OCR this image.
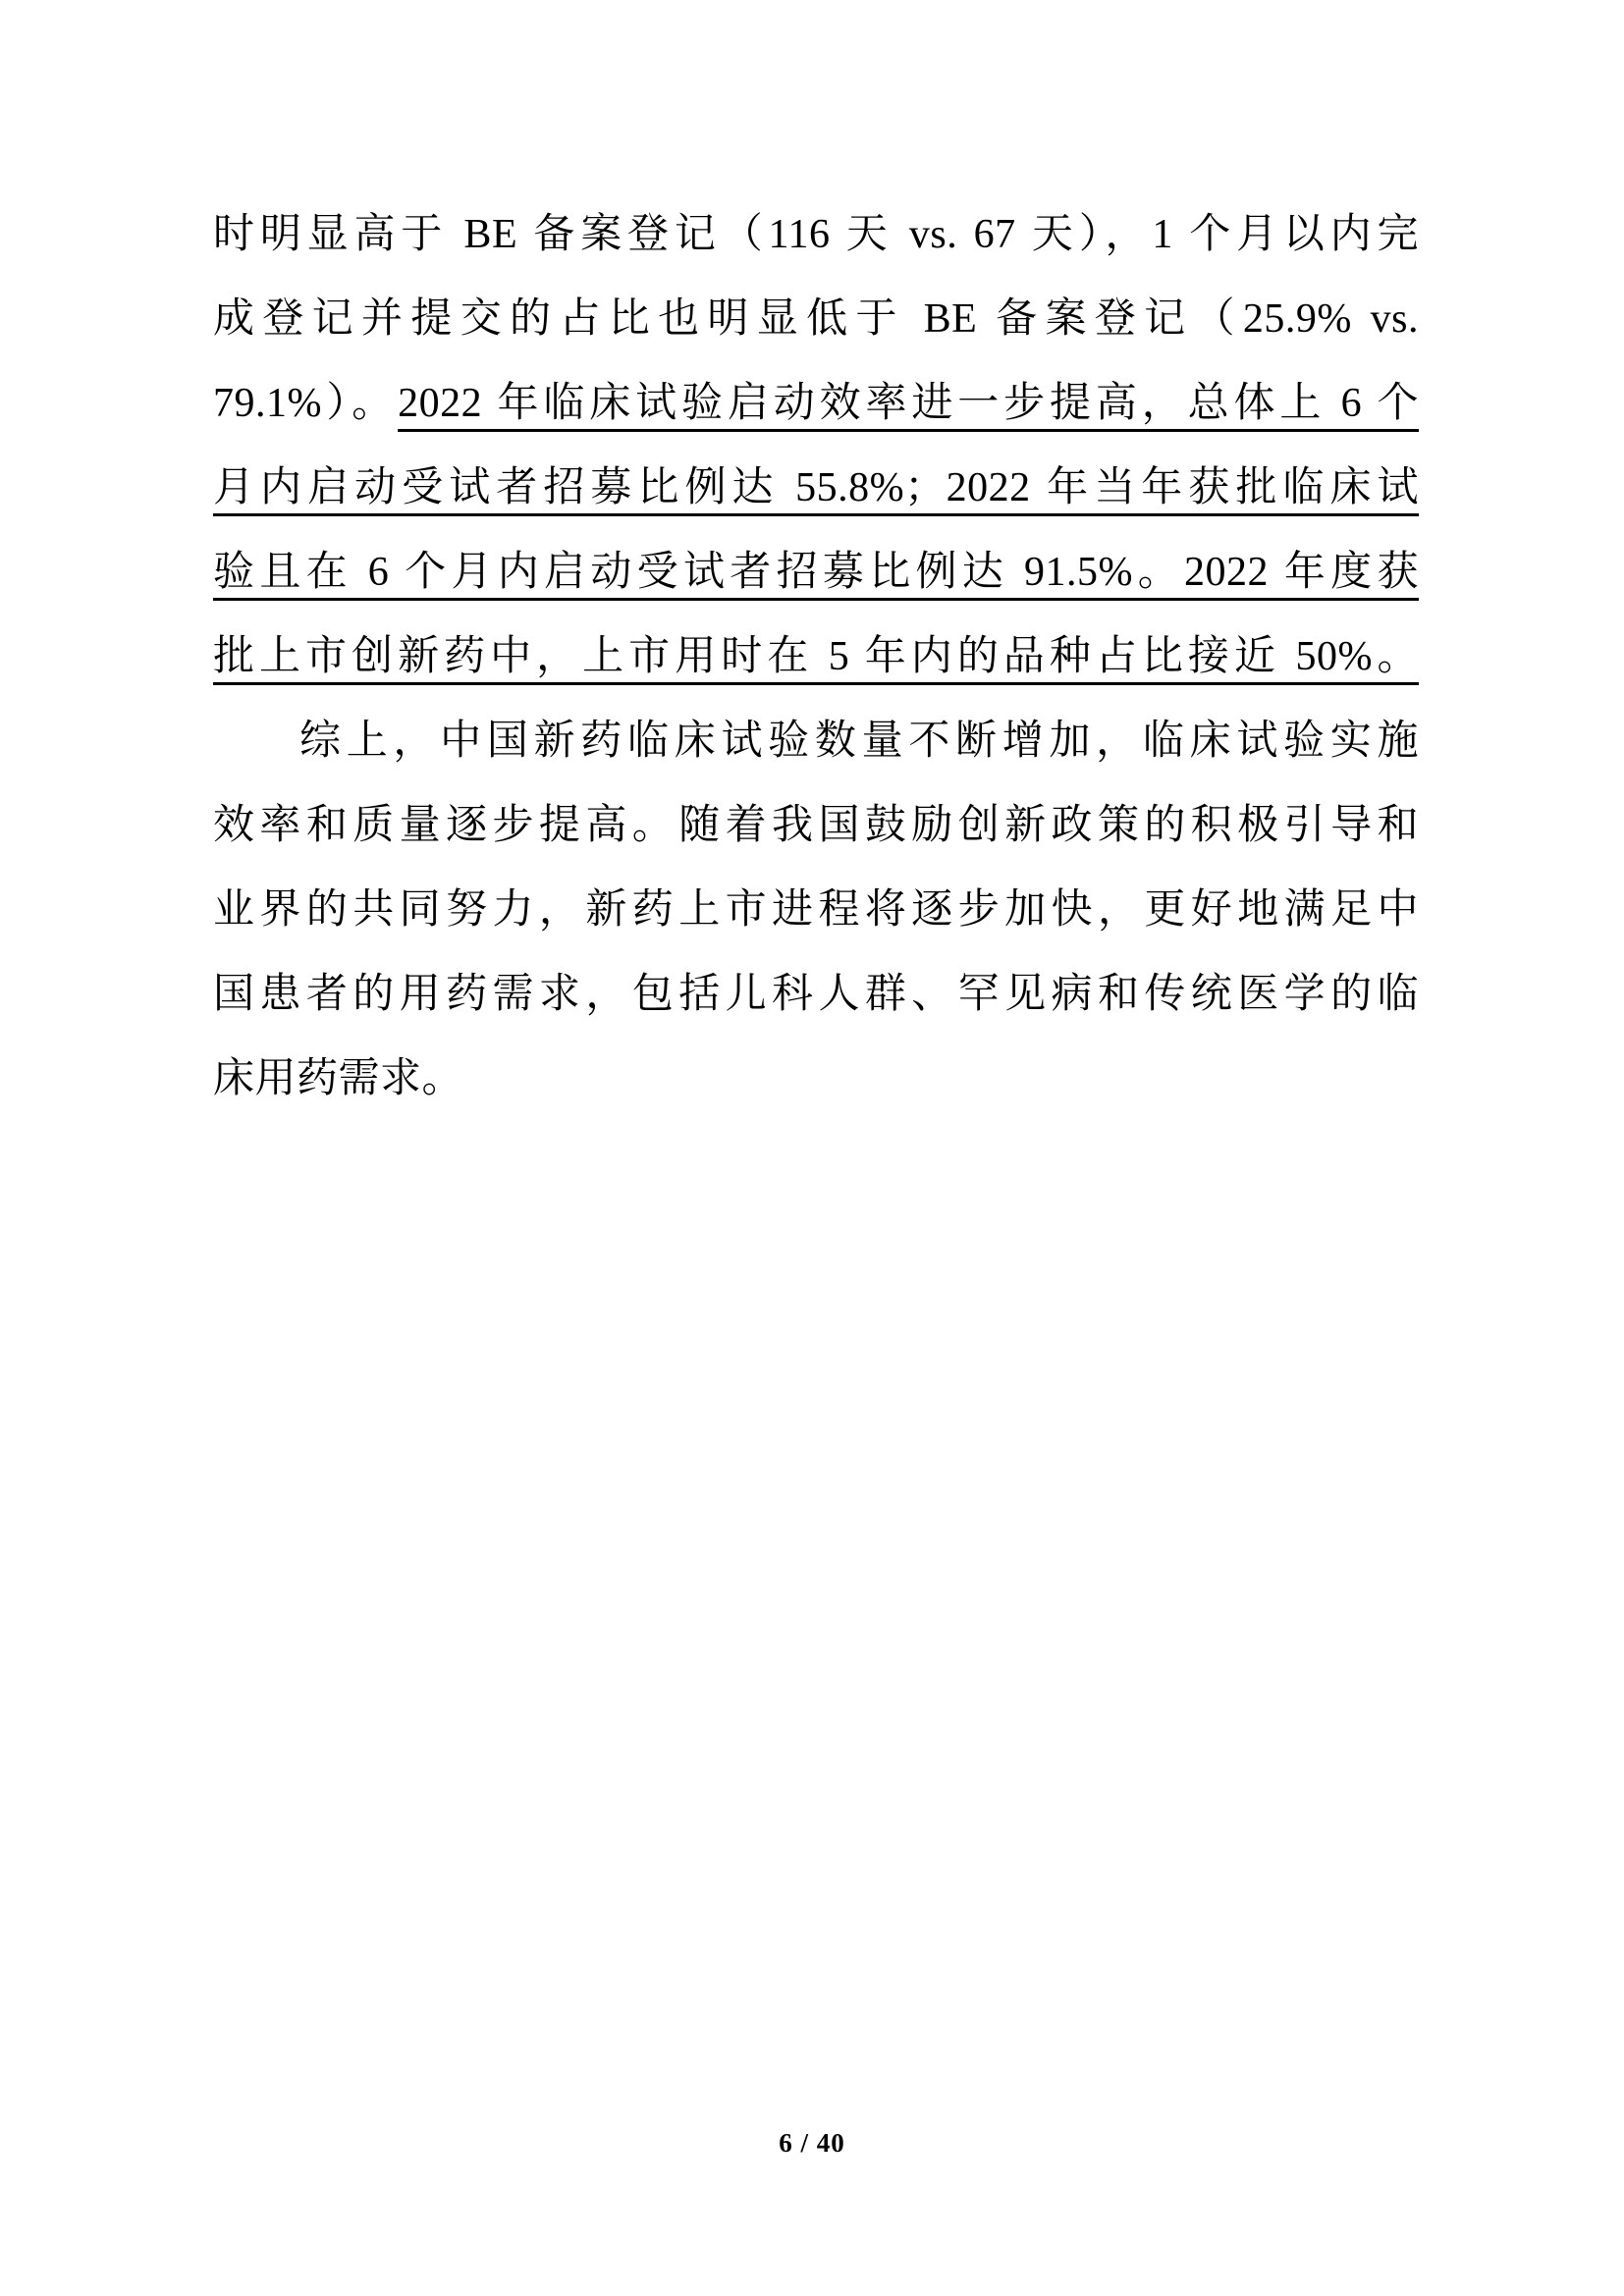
时明显高于 BE 备案登记（116 天 vs. 67 天），1 个月以内完
成登记并提交的占比也明显低于 BE 备案登记（25.9% vs.
79.1%）。2022 年临床试验启动效率进一步提高，总体上 6 个
月内启动受试者招募比例达 55.8%；2022 年当年获批临床试
验且在 6 个月内启动受试者招募比例达 91.5%。2022 年度获
批上市创新药中，上市用时在 5 年内的品种占比接近 50%。
综上，中国新药临床试验数量不断增加，临床试验实施
效率和质量逐步提高。随着我国鼓励创新政策的积极引导和
业界的共同努力，新药上市进程将逐步加快，更好地满足中
国患者的用药需求，包括儿科人群、罕见病和传统医学的临
床用药需求。
6 / 40
